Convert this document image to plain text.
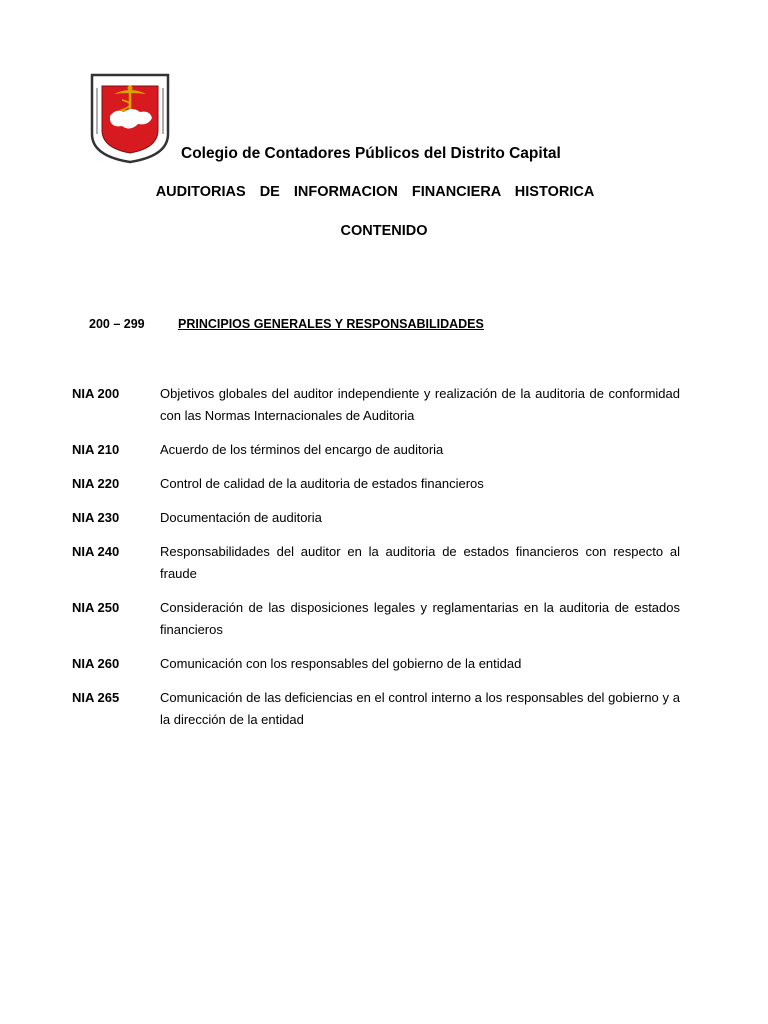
Colegio de Contadores Públicos del Distrito Capital
AUDITORIAS  DE  INFORMACION  FINANCIERA  HISTORICA
CONTENIDO
200 – 299	PRINCIPIOS GENERALES Y RESPONSABILIDADES
NIA 200	Objetivos globales del auditor independiente y realización de la auditoria de conformidad con las Normas Internacionales de Auditoria
NIA 210	Acuerdo de los términos del encargo de auditoria
NIA 220	Control de calidad de la auditoria de estados financieros
NIA 230	Documentación de auditoria
NIA 240	Responsabilidades del auditor en la auditoria de estados financieros con respecto al fraude
NIA 250	Consideración de las disposiciones legales y reglamentarias en la auditoria de estados financieros
NIA 260	Comunicación con los responsables del gobierno de la entidad
NIA 265	Comunicación de las deficiencias en el control interno a los responsables del gobierno y a la dirección de la entidad
